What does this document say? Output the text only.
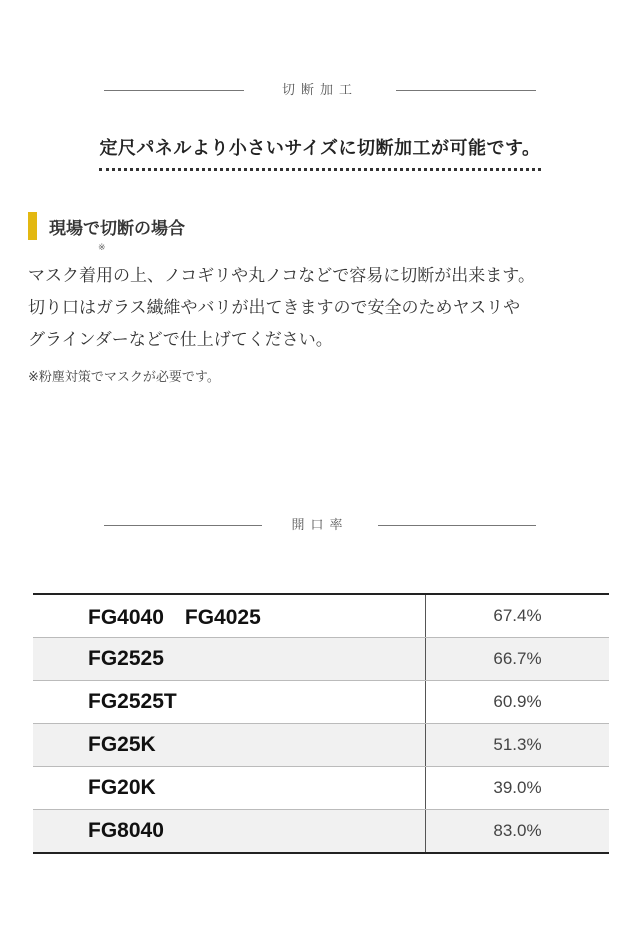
切断加工
定尺パネルより小さいサイズに切断加工が可能です。
現場で切断の場合
マスク着
※
用の上、ノコギリや丸ノコなどで容易に切断が出来ます。
切り口はガラス繊維やバリが出てきますので安全のためヤスリや
グラインダーなどで仕上げてください。
※粉塵対策でマスクが必要です。
開口率
FG4040　FG4025	67.4%
FG2525	66.7%
FG2525T	60.9%
FG25K	51.3%
FG20K	39.0%
FG8040	83.0%
